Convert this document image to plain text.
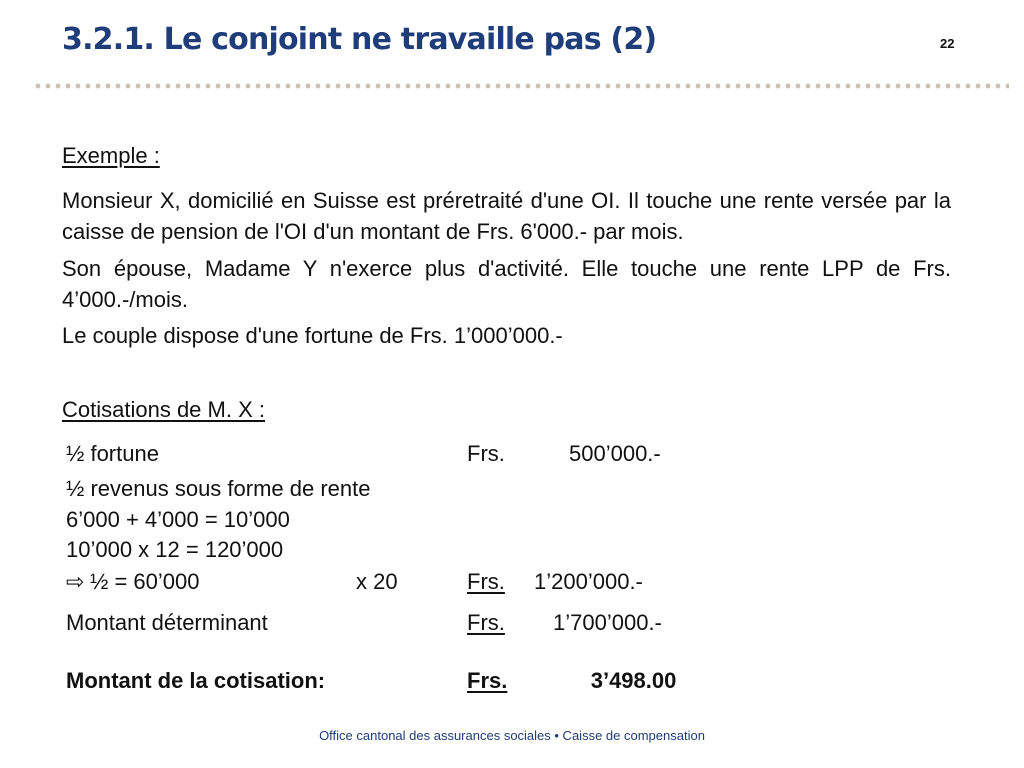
3.2.1. Le conjoint ne travaille pas (2)	22
Exemple :
Monsieur X, domicilié en Suisse est préretraité d'une OI. Il touche une rente versée par la caisse de pension de l'OI d'un montant de Frs. 6'000.- par mois.
Son épouse, Madame Y n'exerce plus d'activité. Elle touche une rente LPP de Frs. 4’000.-/mois.
Le couple dispose d'une fortune de Frs. 1’000’000.-
Cotisations de M. X :
½ fortune	Frs.	500’000.-
½ revenus sous forme de rente
6’000 + 4’000 = 10’000
10’000 x 12 = 120’000
⇨ ½ = 60’000	x 20	Frs. 1’200’000.-
Montant déterminant	Frs. 1’700’000.-
Montant de la cotisation:	Frs.	3’498.00
Office cantonal des assurances sociales • Caisse de compensation
